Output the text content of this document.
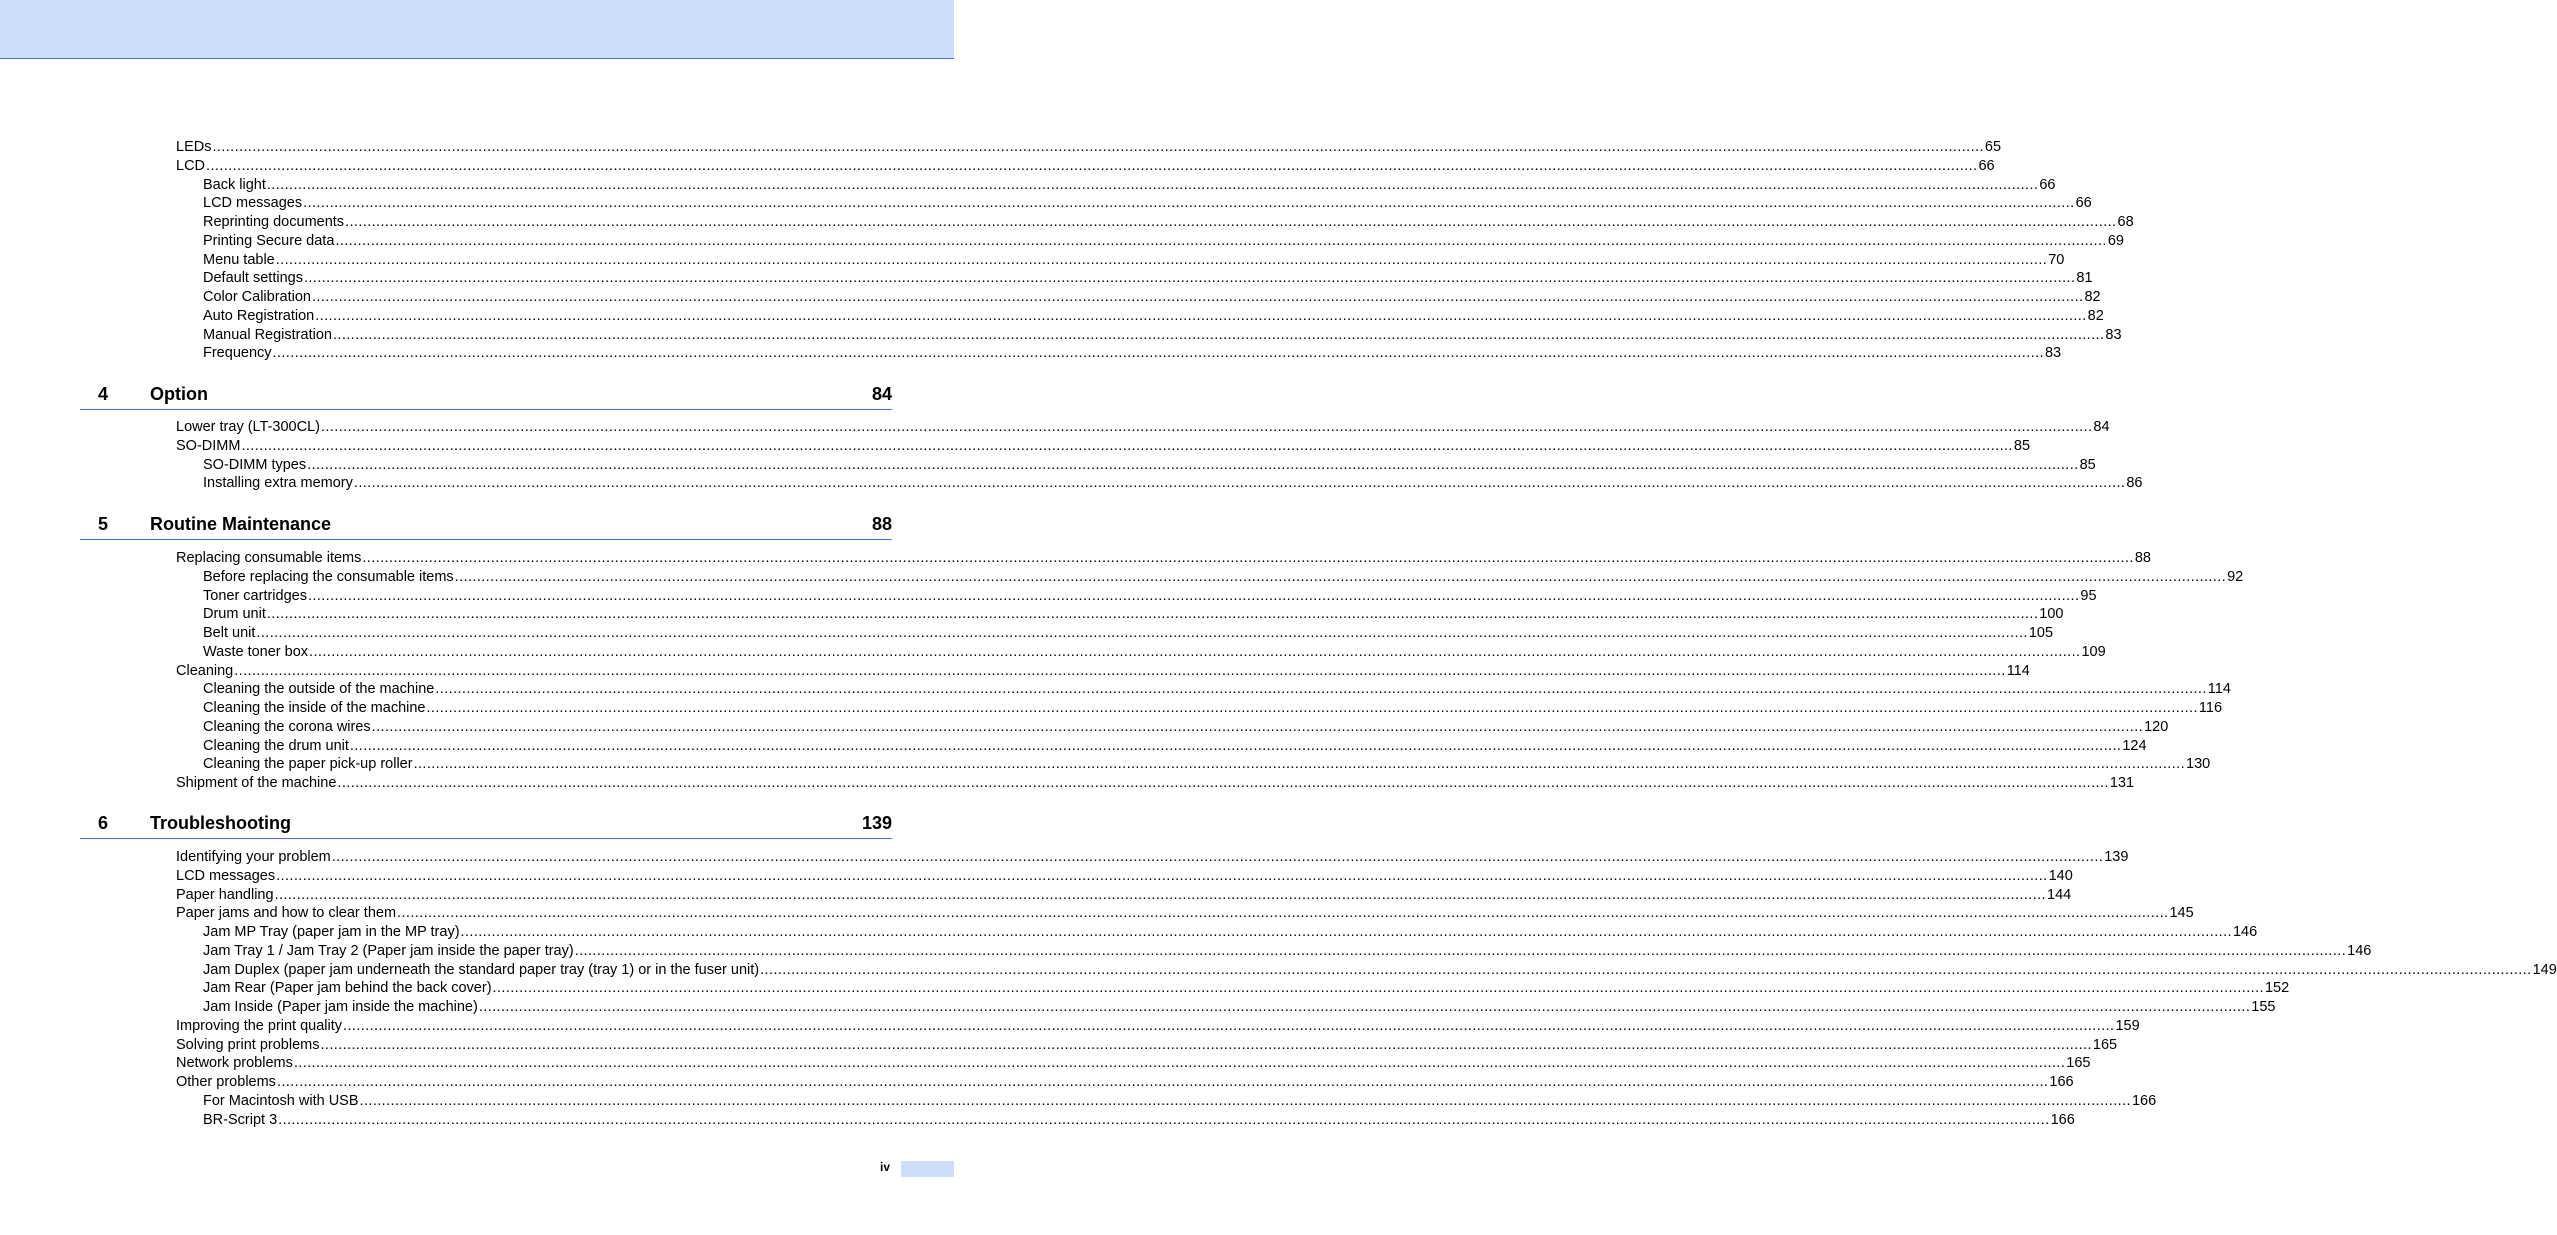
LEDs ................................................................................................................................................................................................................................................................................................................................................................................................................ 65
LCD ................................................................................................................................................................................................................................................................................................................................................................................................................ 66
Back light ................................................................................................................................................................................................................................................................................................................................................................................................................ 66
LCD messages ................................................................................................................................................................................................................................................................................................................................................................................................................ 66
Reprinting documents ................................................................................................................................................................................................................................................................................................................................................................................................................ 68
Printing Secure data ................................................................................................................................................................................................................................................................................................................................................................................................................ 69
Menu table ................................................................................................................................................................................................................................................................................................................................................................................................................ 70
Default settings ................................................................................................................................................................................................................................................................................................................................................................................................................ 81
Color Calibration ................................................................................................................................................................................................................................................................................................................................................................................................................ 82
Auto Registration ................................................................................................................................................................................................................................................................................................................................................................................................................ 82
Manual Registration ................................................................................................................................................................................................................................................................................................................................................................................................................ 83
Frequency ................................................................................................................................................................................................................................................................................................................................................................................................................ 83
4 Option	84
Lower tray (LT-300CL) ................................................................................................................................................................................................................................................................................................................................................................................................................ 84
SO-DIMM ................................................................................................................................................................................................................................................................................................................................................................................................................ 85
SO-DIMM types ................................................................................................................................................................................................................................................................................................................................................................................................................ 85
Installing extra memory ................................................................................................................................................................................................................................................................................................................................................................................................................ 86
5 Routine Maintenance	88
Replacing consumable items ................................................................................................................................................................................................................................................................................................................................................................................................................ 88
Before replacing the consumable items ................................................................................................................................................................................................................................................................................................................................................................................................................ 92
Toner cartridges ................................................................................................................................................................................................................................................................................................................................................................................................................ 95
Drum unit ................................................................................................................................................................................................................................................................................................................................................................................................................ 100
Belt unit ................................................................................................................................................................................................................................................................................................................................................................................................................ 105
Waste toner box ................................................................................................................................................................................................................................................................................................................................................................................................................ 109
Cleaning ................................................................................................................................................................................................................................................................................................................................................................................................................ 114
Cleaning the outside of the machine ................................................................................................................................................................................................................................................................................................................................................................................................................ 114
Cleaning the inside of the machine ................................................................................................................................................................................................................................................................................................................................................................................................................ 116
Cleaning the corona wires ................................................................................................................................................................................................................................................................................................................................................................................................................ 120
Cleaning the drum unit ................................................................................................................................................................................................................................................................................................................................................................................................................ 124
Cleaning the paper pick-up roller ................................................................................................................................................................................................................................................................................................................................................................................................................ 130
Shipment of the machine ................................................................................................................................................................................................................................................................................................................................................................................................................ 131
6 Troubleshooting	139
Identifying your problem ................................................................................................................................................................................................................................................................................................................................................................................................................ 139
LCD messages ................................................................................................................................................................................................................................................................................................................................................................................................................ 140
Paper handling ................................................................................................................................................................................................................................................................................................................................................................................................................ 144
Paper jams and how to clear them ................................................................................................................................................................................................................................................................................................................................................................................................................ 145
Jam MP Tray (paper jam in the MP tray) ................................................................................................................................................................................................................................................................................................................................................................................................................ 146
Jam Tray 1 / Jam Tray 2 (Paper jam inside the paper tray) ................................................................................................................................................................................................................................................................................................................................................................................................................ 146
Jam Duplex (paper jam underneath the standard paper tray (tray 1) or in the fuser unit) ................................................................................................................................................................................................................................................................................................................................................................................................................ 149
Jam Rear (Paper jam behind the back cover) ................................................................................................................................................................................................................................................................................................................................................................................................................ 152
Jam Inside (Paper jam inside the machine) ................................................................................................................................................................................................................................................................................................................................................................................................................ 155
Improving the print quality ................................................................................................................................................................................................................................................................................................................................................................................................................ 159
Solving print problems ................................................................................................................................................................................................................................................................................................................................................................................................................ 165
Network problems ................................................................................................................................................................................................................................................................................................................................................................................................................ 165
Other problems ................................................................................................................................................................................................................................................................................................................................................................................................................ 166
For Macintosh with USB ................................................................................................................................................................................................................................................................................................................................................................................................................ 166
BR-Script 3 ................................................................................................................................................................................................................................................................................................................................................................................................................ 166
iv
